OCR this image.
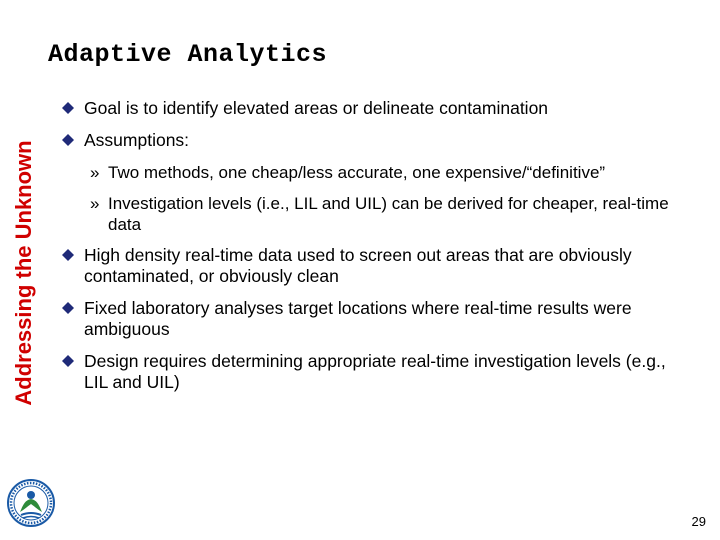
Addressing the Unknown
Adaptive Analytics
Goal is to identify elevated areas or delineate contamination
Assumptions:
» Two methods, one cheap/less accurate, one expensive/“definitive”
» Investigation levels (i.e., LIL and UIL) can be derived for cheaper, real-time data
High density real-time data used to screen out areas that are obviously contaminated, or obviously clean
Fixed laboratory analyses target locations where real-time results were ambiguous
Design requires determining appropriate real-time investigation levels (e.g., LIL and UIL)
29
